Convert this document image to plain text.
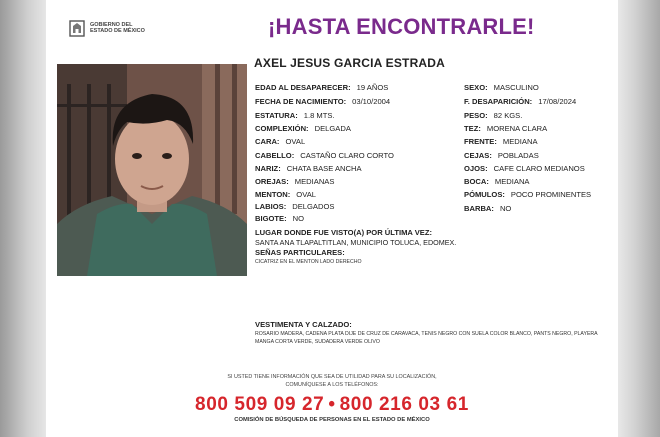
GOBIERNO DEL
ESTADO DE MÉXICO	¡HASTA ENCONTRARLE!
AXEL JESUS GARCIA ESTRADA
EDAD AL DESAPARECER: 19 AÑOS
FECHA DE NACIMIENTO: 03/10/2004
ESTATURA: 1.8 MTS.
COMPLEXIÓN: DELGADA
CARA: OVAL
CABELLO: CASTAÑO CLARO CORTO
NARIZ: CHATA BASE ANCHA
OREJAS: MEDIANAS
MENTON: OVAL
LABIOS: DELGADOS
BIGOTE: NO
SEXO: MASCULINO
F. DESAPARICIÓN: 17/08/2024
PESO: 82 KGS.
TEZ: MORENA CLARA
FRENTE: MEDIANA
CEJAS: POBLADAS
OJOS: CAFE CLARO MEDIANOS
BOCA: MEDIANA
PÓMULOS: POCO PROMINENTES
BARBA: NO
LUGAR DONDE FUE VISTO(A) POR ÚLTIMA VEZ:
SANTA ANA TLAPALTITLAN, MUNICIPIO TOLUCA, EDOMEX.
SEÑAS PARTICULARES:
CICATRIZ EN EL MENTON LADO DERECHO
VESTIMENTA Y CALZADO:
ROSARIO MADERA, CADENA PLATA DIJE DE CRUZ DE CARAVACA, TENIS NEGRO CON SUELA COLOR BLANCO, PANTS NEGRO, PLAYERA MANGA CORTA VERDE, SUDADERA VERDE OLIVO
SI USTED TIENE INFORMACIÓN QUE SEA DE UTILIDAD PARA SU LOCALIZACIÓN,
COMUNÍQUESE A LOS TELÉFONOS:
800 509 09 27 • 800 216 03 61
COMISIÓN DE BÚSQUEDA DE PERSONAS EN EL ESTADO DE MÉXICO
